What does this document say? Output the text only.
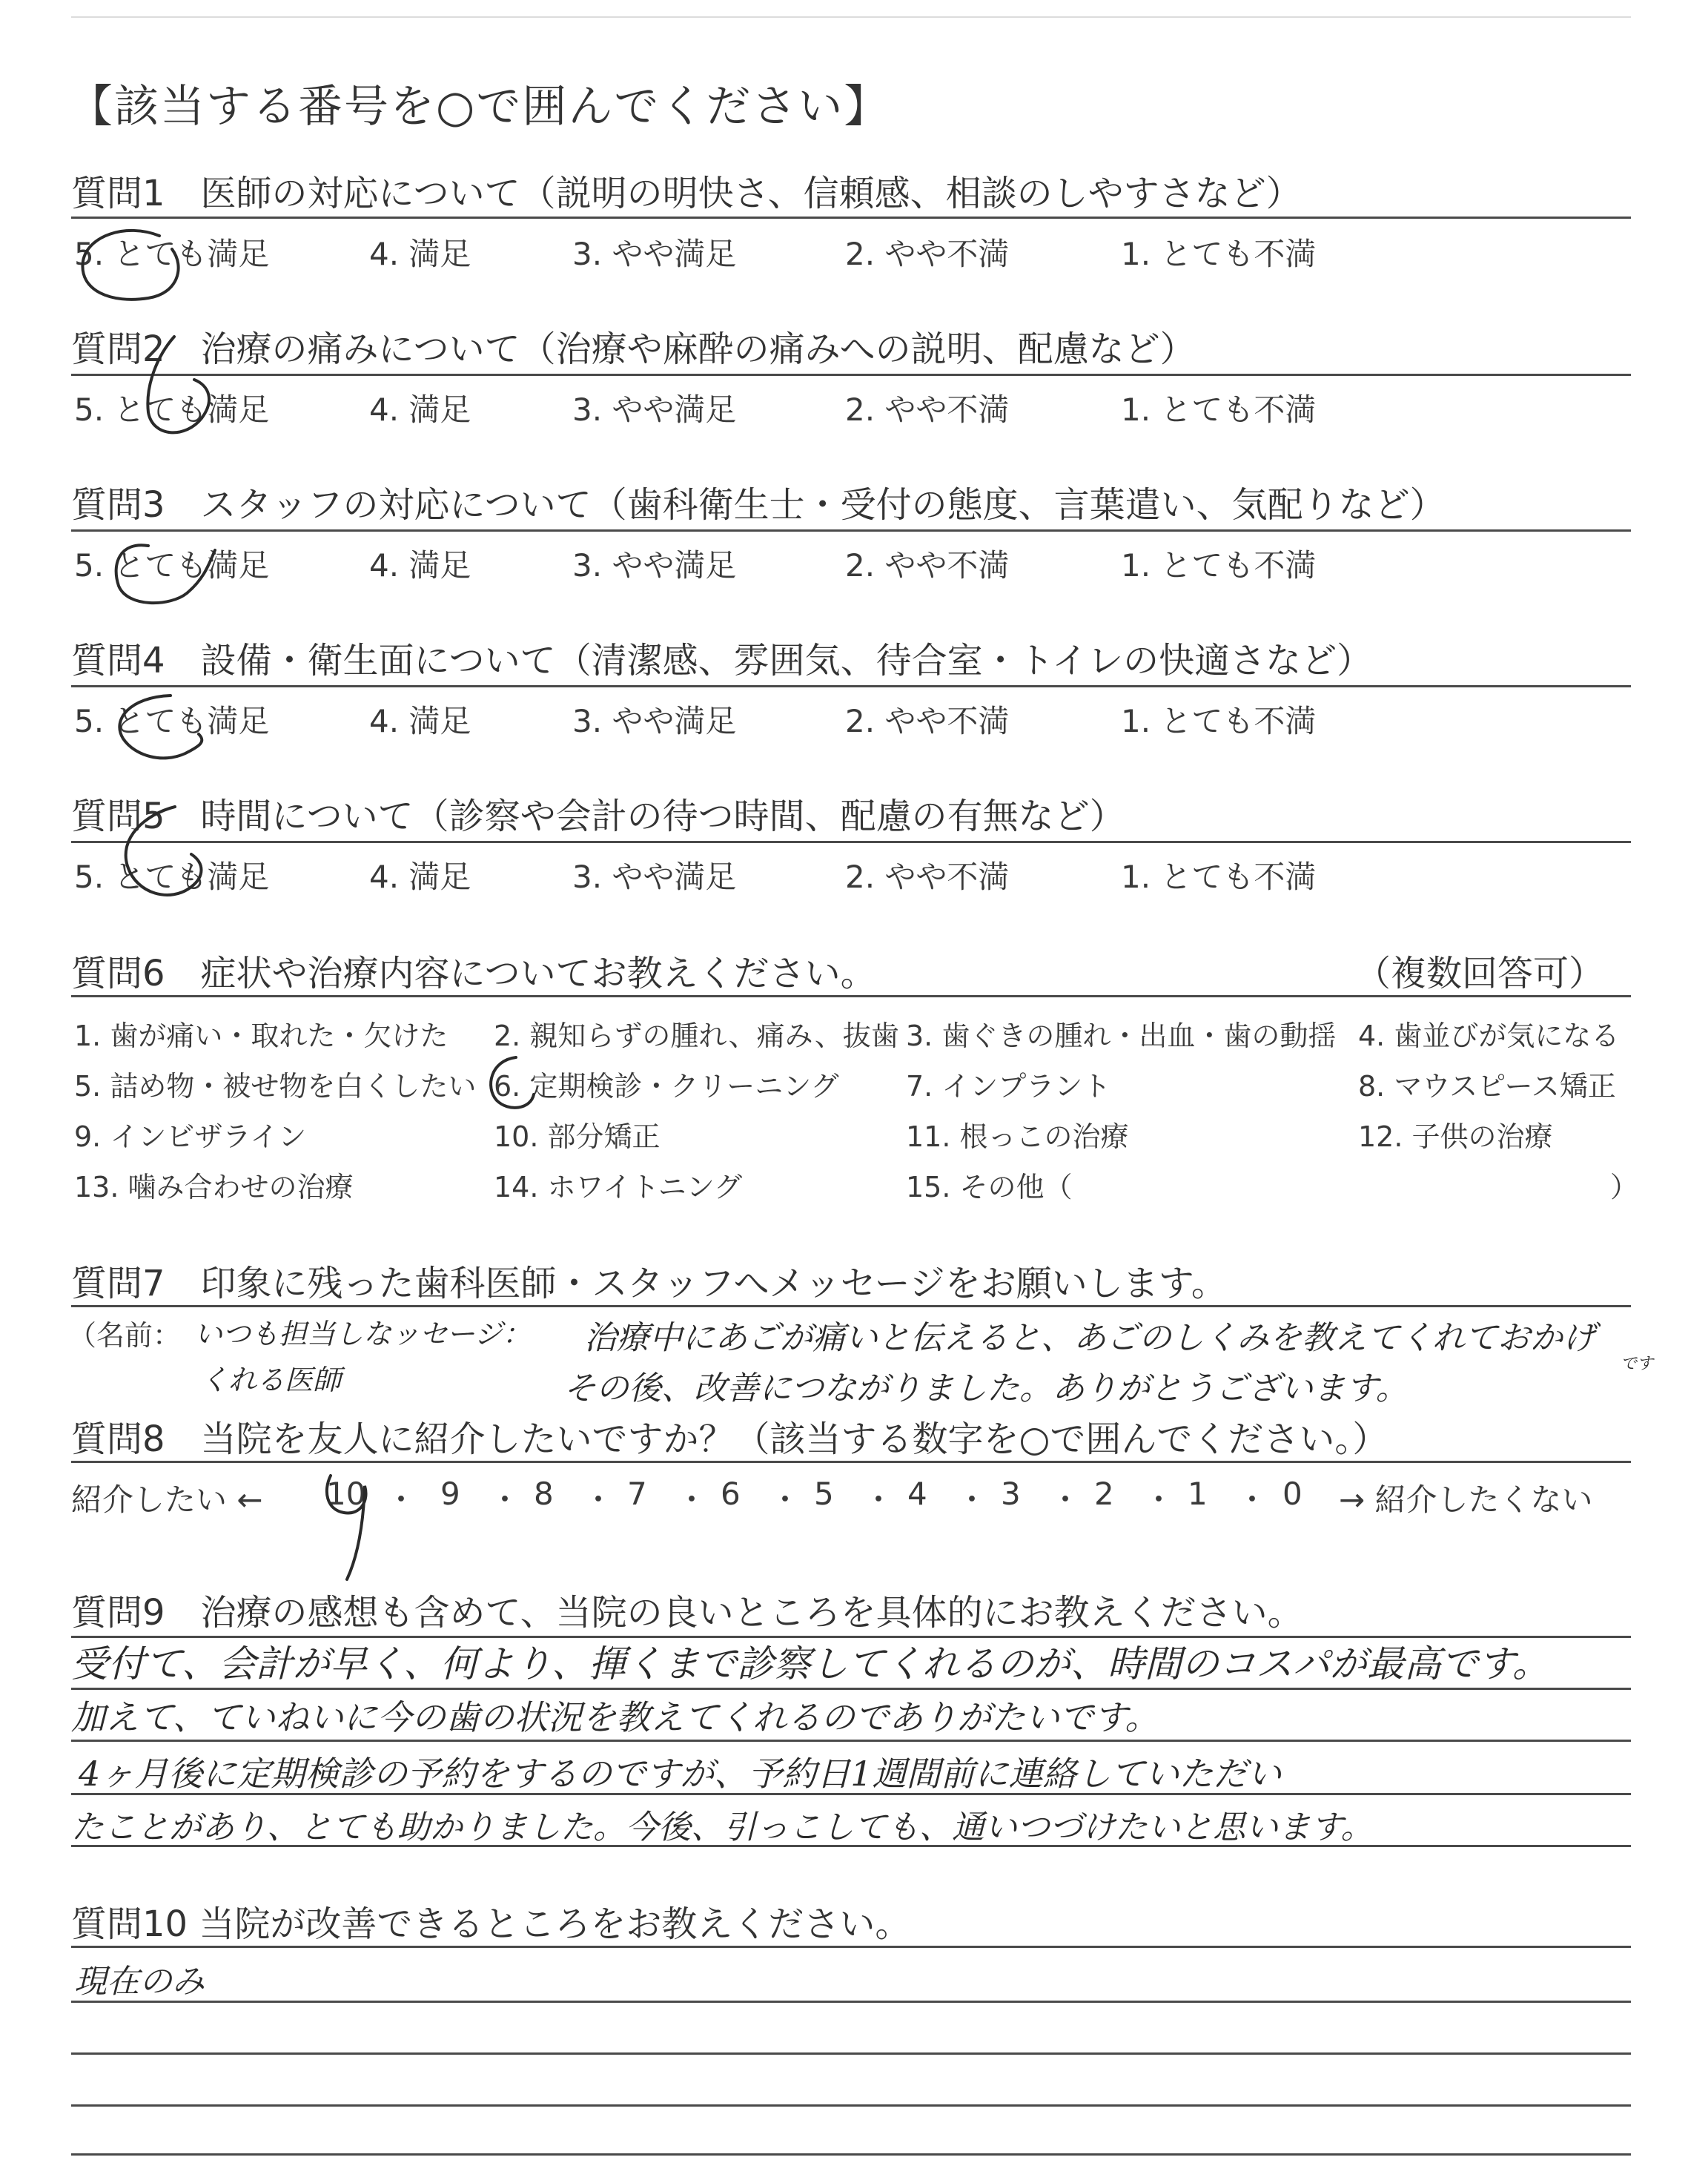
【該当する番号を○で囲んでください】
質問1　医師の対応について（説明の明快さ、信頼感、相談のしやすさなど）
5. とても満足	4. 満足	3. やや満足	2. やや不満	1. とても不満
質問2　治療の痛みについて（治療や麻酔の痛みへの説明、配慮など）
5. とても満足	4. 満足	3. やや満足	2. やや不満	1. とても不満
質問3　スタッフの対応について（歯科衛生士・受付の態度、言葉遣い、気配りなど）
5. とても満足	4. 満足	3. やや満足	2. やや不満	1. とても不満
質問4　設備・衛生面について（清潔感、雰囲気、待合室・トイレの快適さなど）
5. とても満足	4. 満足	3. やや満足	2. やや不満	1. とても不満
質問5　時間について（診察や会計の待つ時間、配慮の有無など）
5. とても満足	4. 満足	3. やや満足	2. やや不満	1. とても不満
質問6　症状や治療内容についてお教えください。	（複数回答可）
1. 歯が痛い・取れた・欠けた 2. 親知らずの腫れ、痛み、抜歯 3. 歯ぐきの腫れ・出血・歯の動揺 4. 歯並びが気になる
5. 詰め物・被せ物を白くしたい 6. 定期検診・クリーニング 7. インプラント	8. マウスピース矯正
9. インビザライン	10. 部分矯正	11. 根っこの治療	12. 子供の治療
13. 噛み合わせの治療	14. ホワイトニング	15. その他（	）
質問7　印象に残った歯科医師・スタッフへメッセージをお願いします。
（名前： いつも担当しなッセージ：
くれる医師
治療中にあごが痛いと伝えると、あごのしくみを教えてくれておかげ
です
その後、改善につながりました。ありがとうございます。
質問8　当院を友人に紹介したいですか？（該当する数字を○で囲んでください。）
紹介したい ← 10 ・ 9 ・ 8 ・ 7 ・ 6 ・ 5 ・ 4 ・ 3 ・ 2 ・ 1 ・ 0 → 紹介したくない
質問9　治療の感想も含めて、当院の良いところを具体的にお教えください。
受付て、会計が早く、何より、揮くまで診察してくれるのが、時間のコスパが最高です。
加えて、ていねいに今の歯の状況を教えてくれるのでありがたいです。
4ヶ月後に定期検診の予約をするのですが、予約日1週間前に連絡していただい
たことがあり、とても助かりました。今後、引っこしても、通いつづけたいと思います。
質問10 当院が改善できるところをお教えください。
現在のみ
